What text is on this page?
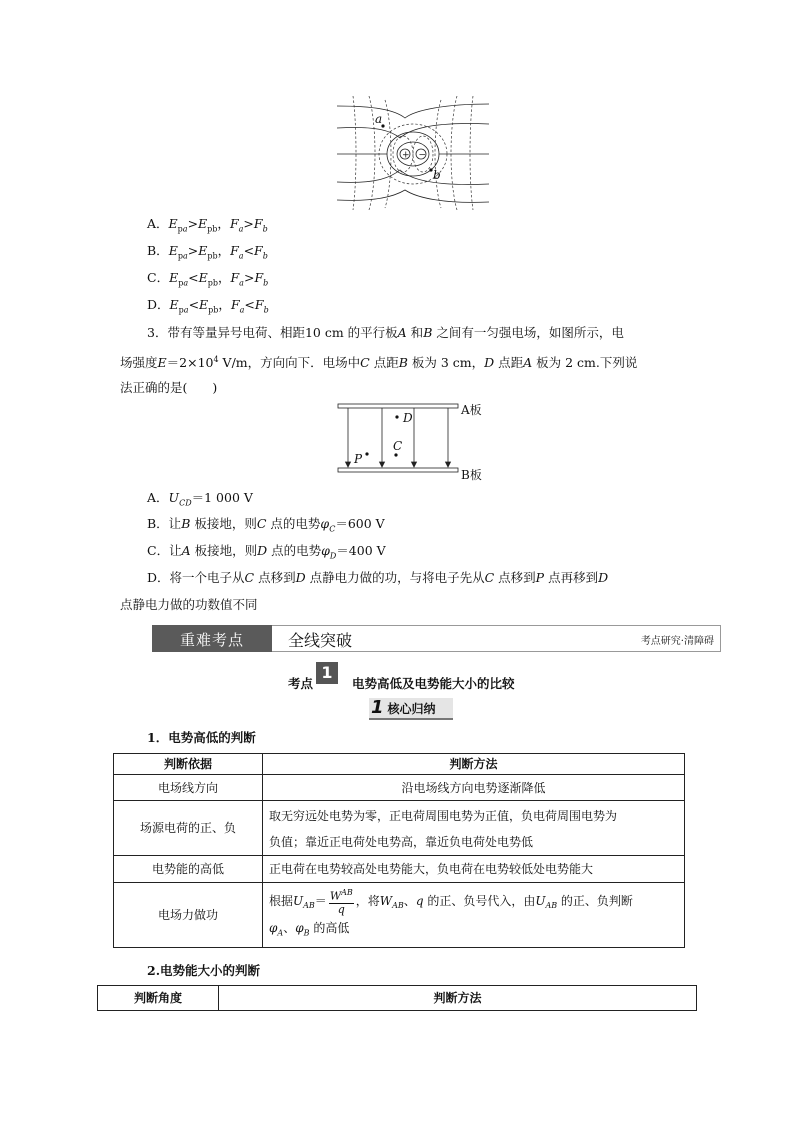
+ −
a
b
A．$E_{pa}>E_{pb}$，$F_a>F_b$
B．$E_{pa}>E_{pb}$，$F_a<F_b$
C．$E_{pa}<E_{pb}$，$F_a>F_b$
D．$E_{pa}<E_{pb}$，$F_a<F_b$
3．带有等量异号电荷、相距10 cm 的平行板A 和B 之间有一匀强电场，如图所示，电
场强度$E=2\times 10^4$ V/m，方向向下．电场中C 点距B 板为 3 cm，D 点距A 板为 2 cm.下列说
法正确的是(　　)
A板
B板
D
C
P
A．$U_{CD}=1$ 000 V
B．让B 板接地，则C 点的电势$\varphi_C=600$ V
C．让A 板接地，则D 点的电势$\varphi_D=400$ V
D．将一个电子从C 点移到D 点静电力做的功，与将电子先从C 点移到P 点再移到D
点静电力做的功数值不同
重难考点	全线突破	考点研究·清障碍
考点
1
电势高低及电势能大小的比较
1 核心归纳
1．电势高低的判断
判断依据	判断方法
电场线方向	沿电场线方向电势逐渐降低
场源电荷的正、负	取无穷远处电势为零，正电荷周围电势为正值，负电荷周围电势为
负值；靠近正电荷处电势高，靠近负电荷处电势低

电势能的高低	正电荷在电势较高处电势能大，负电荷在电势较低处电势能大
电场力做功	根据$U_{AB}= \frac{W^{AB}}{q}$ ，将$W_{AB}$、q 的正、负号代入，由$U_{AB}$ 的正、负判断
$\varphi_A$、$\varphi_B$ 的高低
2.电势能大小的判断
判断角度	判断方法
